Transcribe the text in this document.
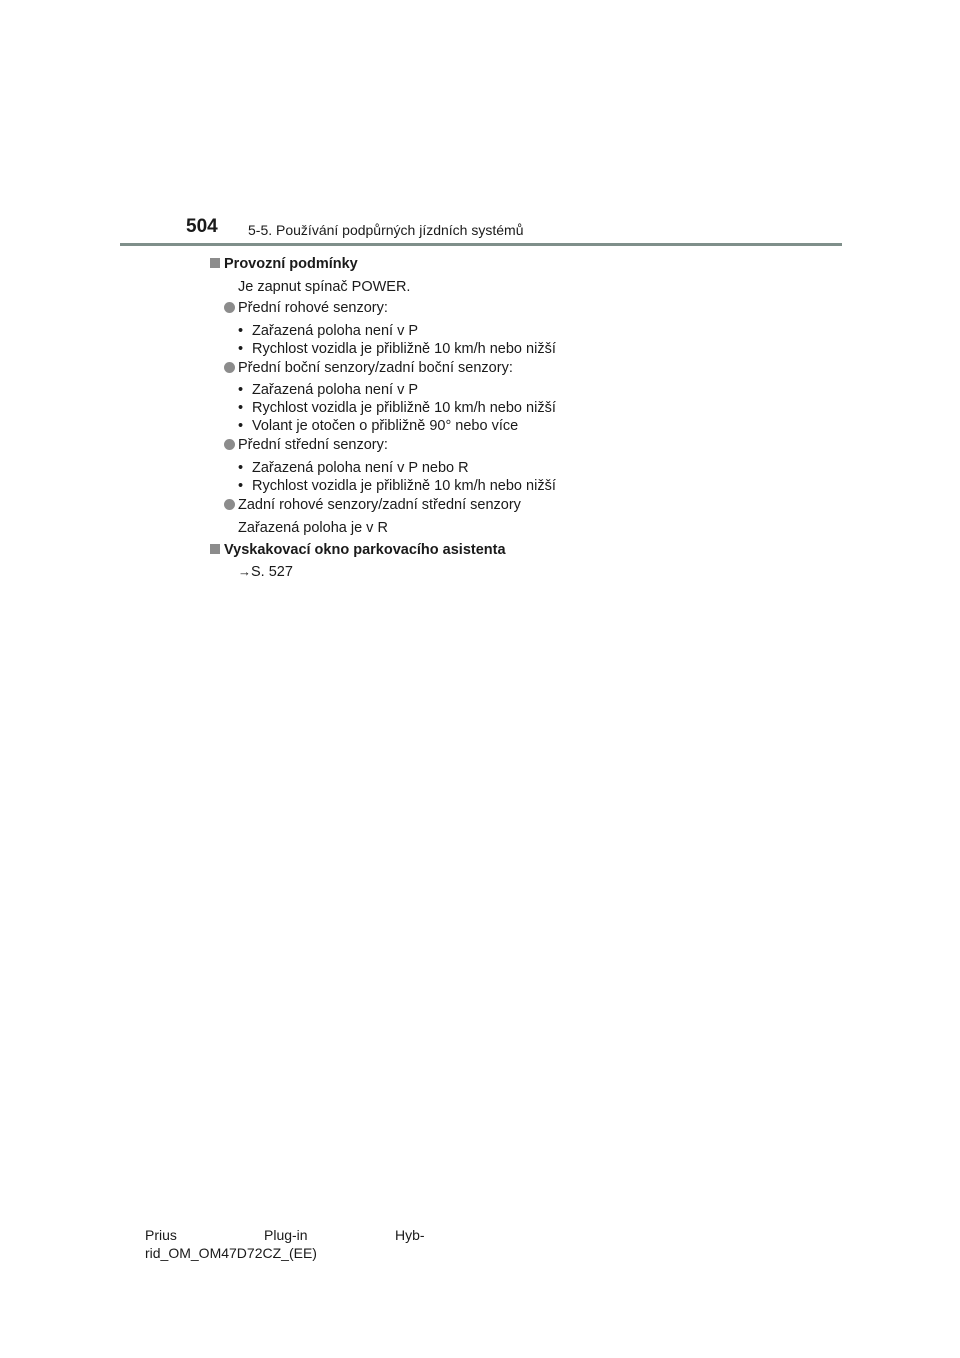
504 5-5. Používání podpůrných jízdních systémů
Provozní podmínky
Je zapnut spínač POWER.
Přední rohové senzory:
• Zařazená poloha není v P
• Rychlost vozidla je přibližně 10 km/h nebo nižší
Přední boční senzory/zadní boční senzory:
• Zařazená poloha není v P
• Rychlost vozidla je přibližně 10 km/h nebo nižší
• Volant je otočen o přibližně 90° nebo více
Přední střední senzory:
• Zařazená poloha není v P nebo R
• Rychlost vozidla je přibližně 10 km/h nebo nižší
Zadní rohové senzory/zadní střední senzory
Zařazená poloha je v R
Vyskakovací okno parkovacího asistenta
→S. 527
Prius	Plug-in	Hyb-
rid_OM_OM47D72CZ_(EE)
